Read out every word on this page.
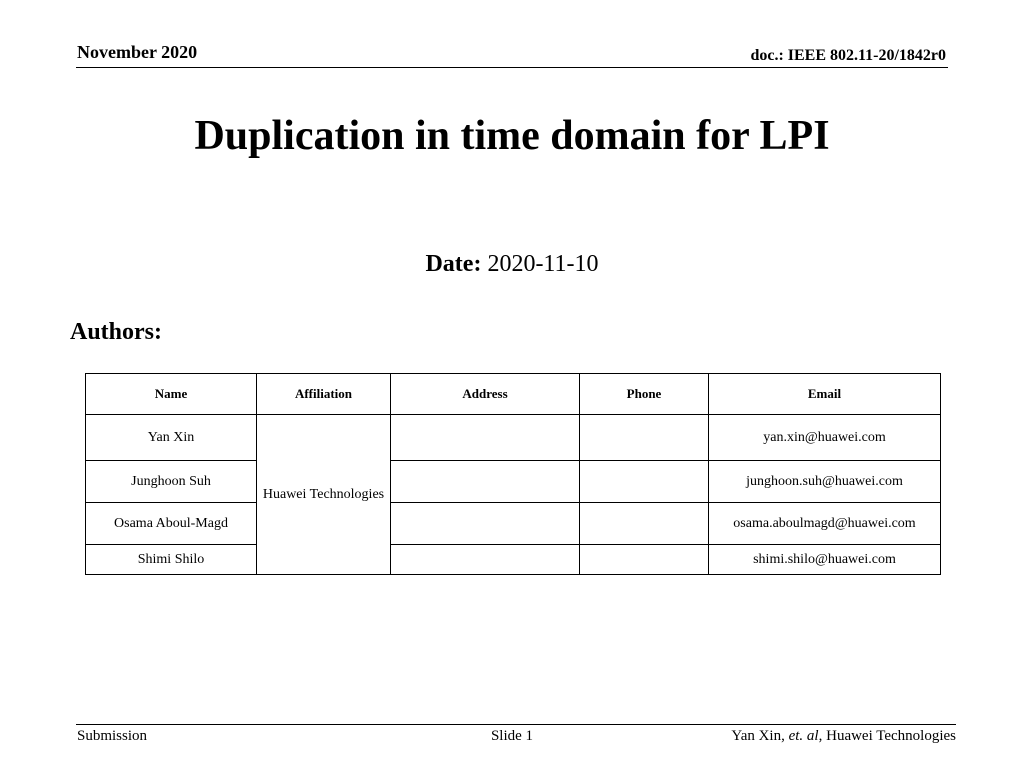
November 2020	doc.: IEEE 802.11-20/1842r0
Duplication in time domain for LPI
Date: 2020-11-10
Authors:
Name	Affiliation	Address	Phone	Email
Yan Xin	Huawei Technologies			yan.xin@huawei.com
Junghoon Suh				junghoon.suh@huawei.com
Osama Aboul-Magd				osama.aboulmagd@huawei.com
Shimi Shilo				shimi.shilo@huawei.com
Submission	Slide 1	Yan Xin, et. al, Huawei Technologies
